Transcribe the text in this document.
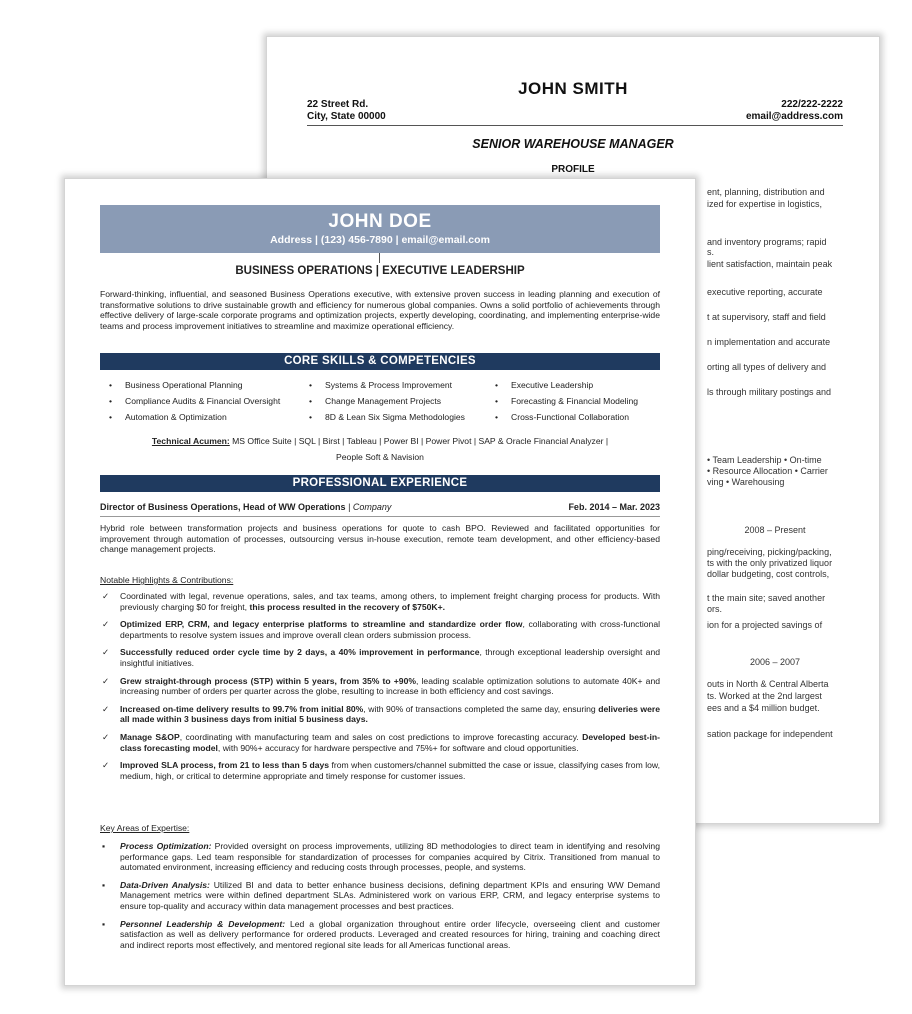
JOHN SMITH
22 Street Rd.
City, State 00000
222/222-2222
email@address.com
SENIOR WAREHOUSE MANAGER
PROFILE
ent, planning, distribution and
ized for expertise in logistics,
and inventory programs; rapid
s.
lient satisfaction, maintain peak
executive reporting, accurate
t at supervisory, staff and field
n implementation and accurate
orting all types of delivery and
ls through military postings and
• Team Leadership • On-time
• Resource Allocation • Carrier
ving • Warehousing
2008 – Present
ping/receiving, picking/packing,
ts with the only privatized liquor
dollar budgeting, cost controls,
t the main site; saved another
ors.
ion for a projected savings of
2006 – 2007
outs in North & Central Alberta
ts. Worked at the 2nd largest
ees and a $4 million budget.
sation package for independent
JOHN DOE
Address | (123) 456-7890 | email@email.com
BUSINESS OPERATIONS | EXECUTIVE LEADERSHIP
Forward-thinking, influential, and seasoned Business Operations executive, with extensive proven success in leading planning and execution of transformative solutions to drive sustainable growth and efficiency for numerous global companies. Owns a solid portfolio of achievements through effective delivery of large-scale corporate programs and optimization projects, expertly developing, coordinating, and implementing enterprise-wide teams and process improvement initiatives to streamline and maximize operational efficiency.
CORE SKILLS & COMPETENCIES
• Business Operational Planning	• Systems & Process Improvement	• Executive Leadership
• Compliance Audits & Financial Oversight	• Change Management Projects	• Forecasting & Financial Modeling
• Automation & Optimization	• 8D & Lean Six Sigma Methodologies	• Cross-Functional Collaboration
Technical Acumen: MS Office Suite | SQL | Birst | Tableau | Power BI | Power Pivot | SAP & Oracle Financial Analyzer | People Soft & Navision
PROFESSIONAL EXPERIENCE
Director of Business Operations, Head of WW Operations | Company	Feb. 2014 – Mar. 2023
Hybrid role between transformation projects and business operations for quote to cash BPO. Reviewed and facilitated opportunities for improvement through automation of processes, outsourcing versus in-house execution, remote team development, and other efficiency-based change management projects.
Notable Highlights & Contributions:
✓ Coordinated with legal, revenue operations, sales, and tax teams, among others, to implement freight charging process for products. With previously charging $0 for freight, this process resulted in the recovery of $750K+.
✓ Optimized ERP, CRM, and legacy enterprise platforms to streamline and standardize order flow, collaborating with cross-functional departments to resolve system issues and improve overall clean orders submission process.
✓ Successfully reduced order cycle time by 2 days, a 40% improvement in performance, through exceptional leadership oversight and insightful initiatives.
✓ Grew straight-through process (STP) within 5 years, from 35% to +90%, leading scalable optimization solutions to automate 40K+ and increasing number of orders per quarter across the globe, resulting to increase in both efficiency and cost savings.
✓ Increased on-time delivery results to 99.7% from initial 80%, with 90% of transactions completed the same day, ensuring deliveries were all made within 3 business days from initial 5 business days.
✓ Manage S&OP, coordinating with manufacturing team and sales on cost predictions to improve forecasting accuracy. Developed best-in-class forecasting model, with 90%+ accuracy for hardware perspective and 75%+ for software and cloud opportunities.
✓ Improved SLA process, from 21 to less than 5 days from when customers/channel submitted the case or issue, classifying cases from low, medium, high, or critical to determine appropriate and timely response for customer issues.
Key Areas of Expertise:
▪ Process Optimization: Provided oversight on process improvements, utilizing 8D methodologies to direct team in identifying and resolving performance gaps. Led team responsible for standardization of processes for companies acquired by Citrix. Transitioned from manual to automated environment, increasing efficiency and reducing costs through processes, people, and systems.
▪ Data-Driven Analysis: Utilized BI and data to better enhance business decisions, defining department KPIs and ensuring WW Demand Management metrics were within defined department SLAs. Administered work on various ERP, CRM, and legacy enterprise systems to ensure top-quality and accuracy within data management processes and best practices.
▪ Personnel Leadership & Development: Led a global organization throughout entire order lifecycle, overseeing client and customer satisfaction as well as delivery performance for ordered products. Leveraged and created resources for hiring, training and coaching direct and indirect reports most effectively, and mentored regional site leads for all Americas functional areas.
